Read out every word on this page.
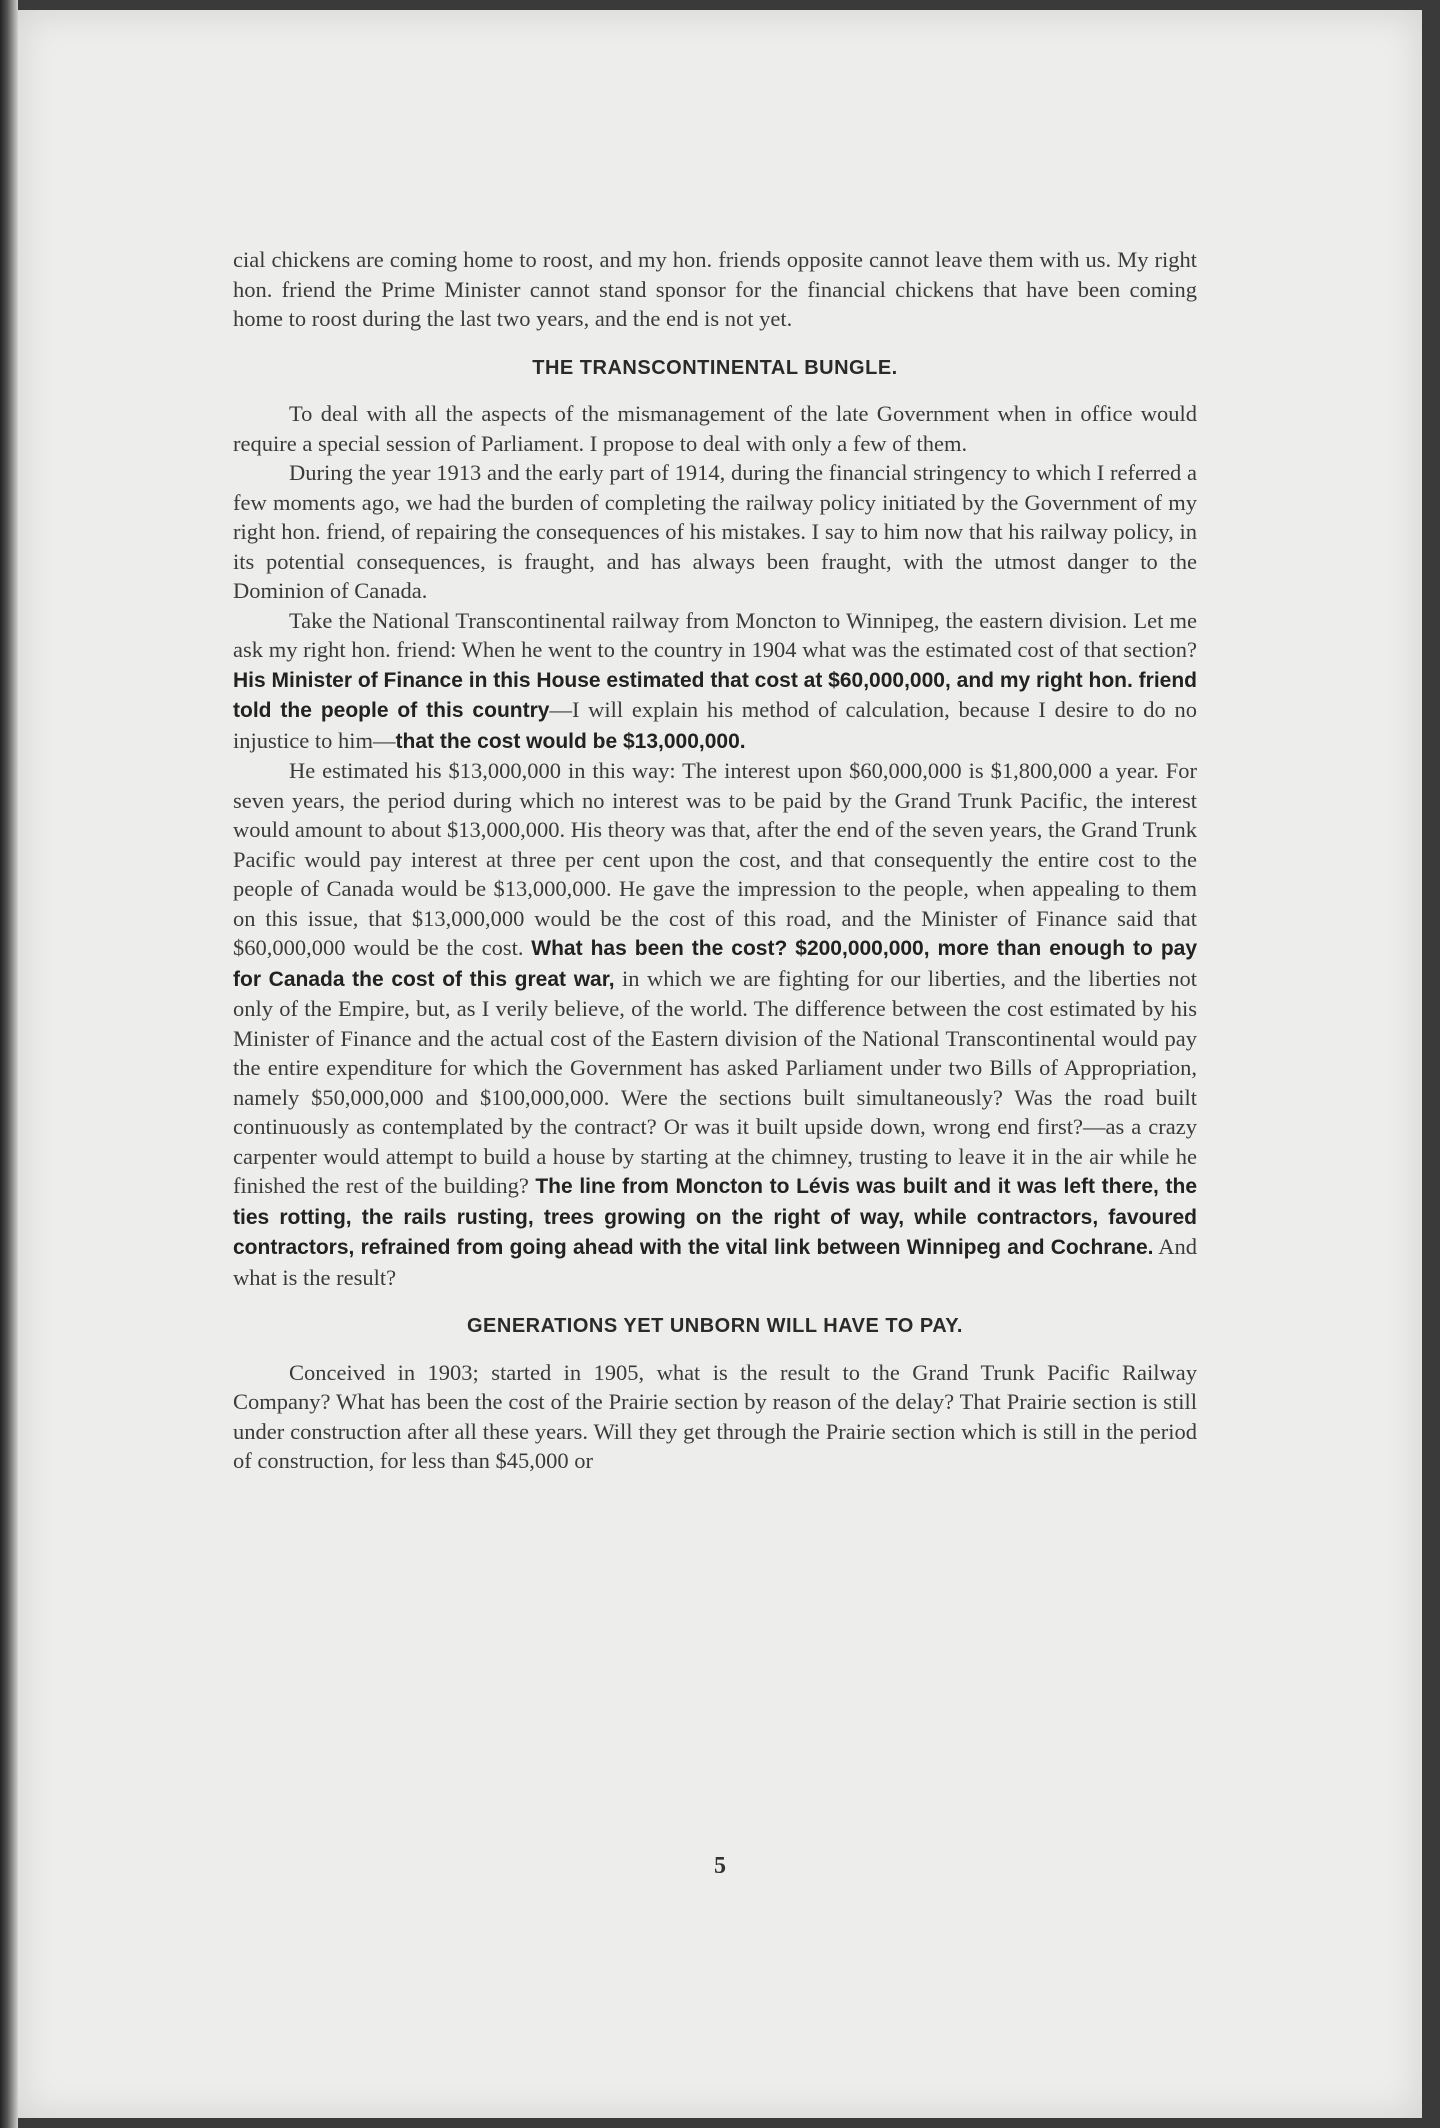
cial chickens are coming home to roost, and my hon. friends opposite cannot leave them with us. My right hon. friend the Prime Minister cannot stand sponsor for the financial chickens that have been coming home to roost during the last two years, and the end is not yet.

THE TRANSCONTINENTAL BUNGLE.

To deal with all the aspects of the mismanagement of the late Government when in office would require a special session of Parliament. I propose to deal with only a few of them.

During the year 1913 and the early part of 1914, during the financial stringency to which I referred a few moments ago, we had the burden of completing the railway policy initiated by the Government of my right hon. friend, of repairing the consequences of his mistakes. I say to him now that his railway policy, in its potential consequences, is fraught, and has always been fraught, with the utmost danger to the Dominion of Canada.

Take the National Transcontinental railway from Moncton to Winnipeg, the eastern division. Let me ask my right hon. friend: When he went to the country in 1904 what was the estimated cost of that section? His Minister of Finance in this House estimated that cost at $60,000,000, and my right hon. friend told the people of this country—I will explain his method of calculation, because I desire to do no injustice to him—that the cost would be $13,000,000.

He estimated his $13,000,000 in this way: The interest upon $60,000,000 is $1,800,000 a year. For seven years, the period during which no interest was to be paid by the Grand Trunk Pacific, the interest would amount to about $13,000,000. His theory was that, after the end of the seven years, the Grand Trunk Pacific would pay interest at three per cent upon the cost, and that consequently the entire cost to the people of Canada would be $13,000,000. He gave the impression to the people, when appealing to them on this issue, that $13,000,000 would be the cost of this road, and the Minister of Finance said that $60,000,000 would be the cost. What has been the cost? $200,000,000, more than enough to pay for Canada the cost of this great war, in which we are fighting for our liberties, and the liberties not only of the Empire, but, as I verily believe, of the world. The difference between the cost estimated by his Minister of Finance and the actual cost of the Eastern division of the National Transcontinental would pay the entire expenditure for which the Government has asked Parliament under two Bills of Appropriation, namely $50,000,000 and $100,000,000. Were the sections built simultaneously? Was the road built continuously as contemplated by the contract? Or was it built upside down, wrong end first?—as a crazy carpenter would attempt to build a house by starting at the chimney, trusting to leave it in the air while he finished the rest of the building? The line from Moncton to Lévis was built and it was left there, the ties rotting, the rails rusting, trees growing on the right of way, while contractors, favoured contractors, refrained from going ahead with the vital link between Winnipeg and Cochrane. And what is the result?

GENERATIONS YET UNBORN WILL HAVE TO PAY.

Conceived in 1903; started in 1905, what is the result to the Grand Trunk Pacific Railway Company? What has been the cost of the Prairie section by reason of the delay? That Prairie section is still under construction after all these years. Will they get through the Prairie section which is still in the period of construction, for less than $45,000 or

5
